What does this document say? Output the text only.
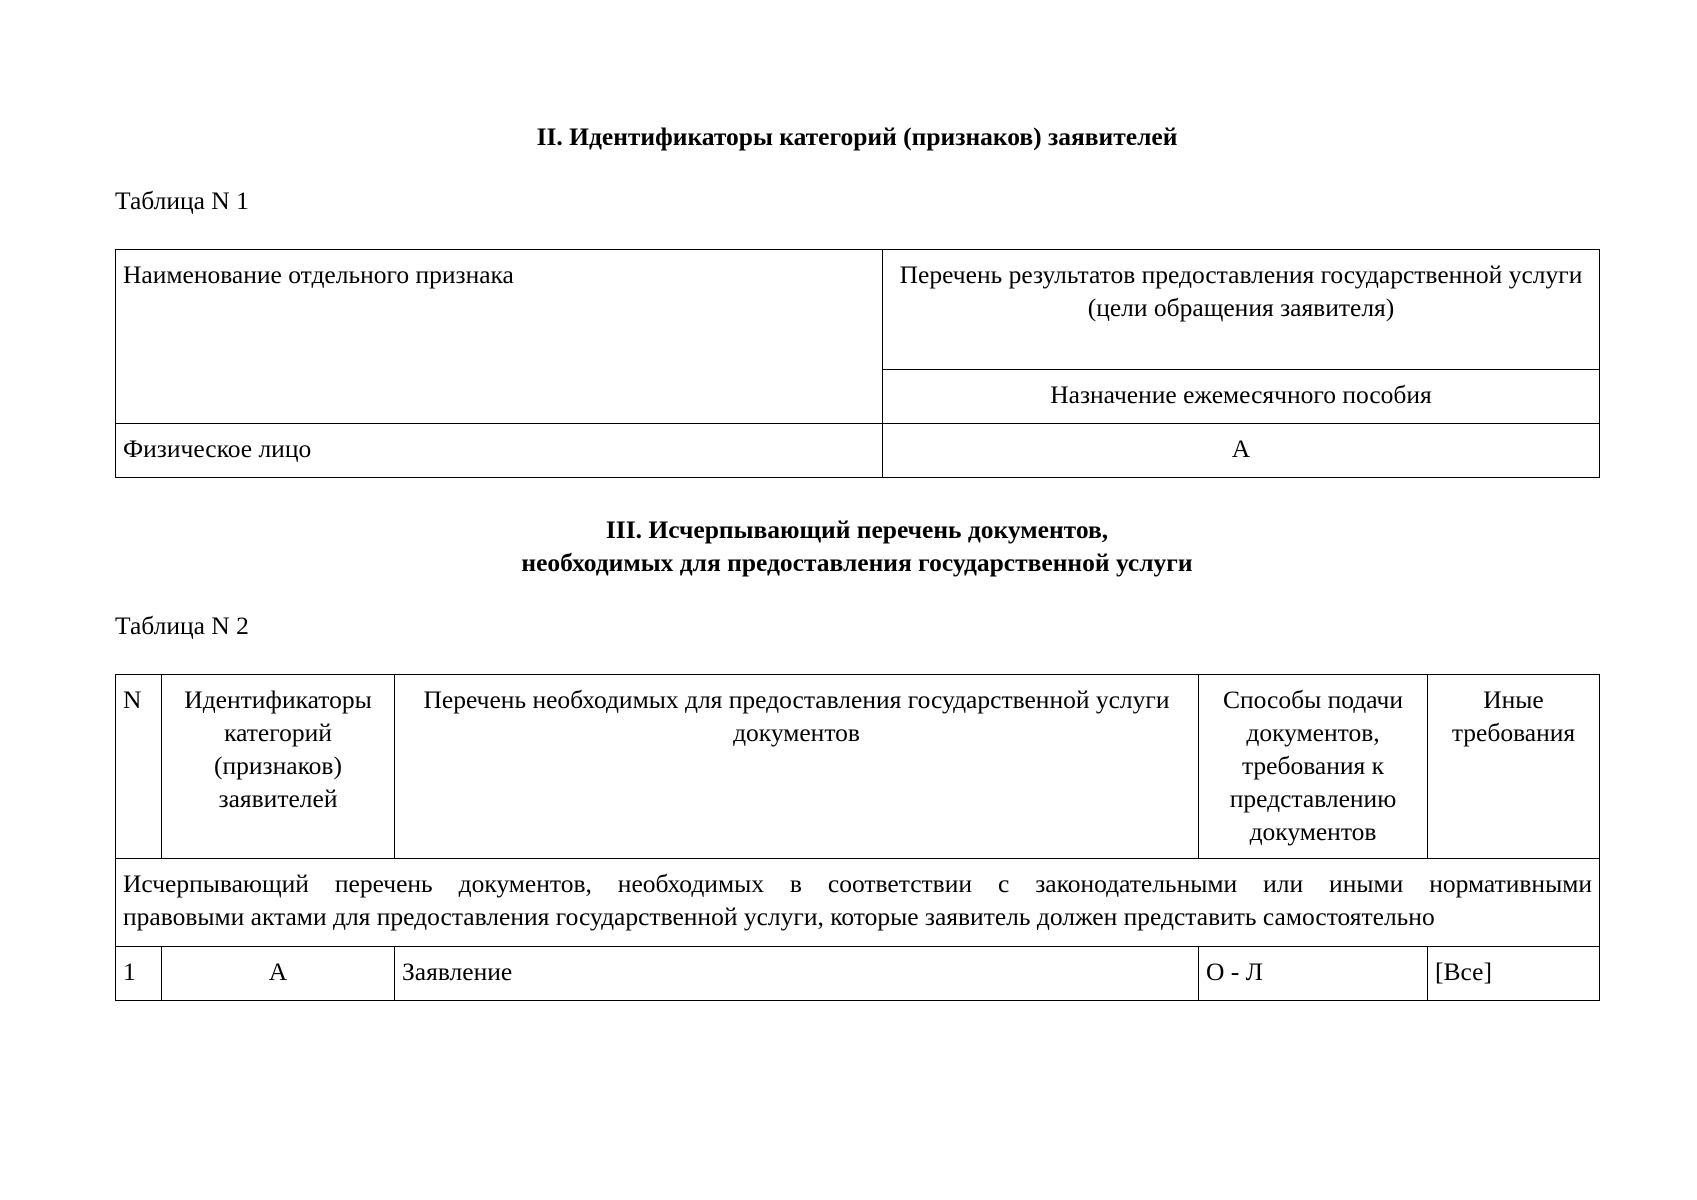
II. Идентификаторы категорий (признаков) заявителей

Таблица N 1

Наименование отдельного признака	Перечень результатов предоставления государственной услуги
(цели обращения заявителя)
	Назначение ежемесячного пособия
Физическое лицо	А
III. Исчерпывающий перечень документов,
необходимых для предоставления государственной услуги

Таблица N 2

N	Идентификаторы категорий (признаков) заявителей	Перечень необходимых для предоставления государственной услуги документов	Способы подачи документов, требования к представлению документов	Иные требования

Исчерпывающий перечень документов, необходимых в соответствии с законодательными или иными нормативными
правовыми актами для предоставления государственной услуги, которые заявитель должен представить самостоятельно				

1	А	Заявление	О - Л	[Все]
